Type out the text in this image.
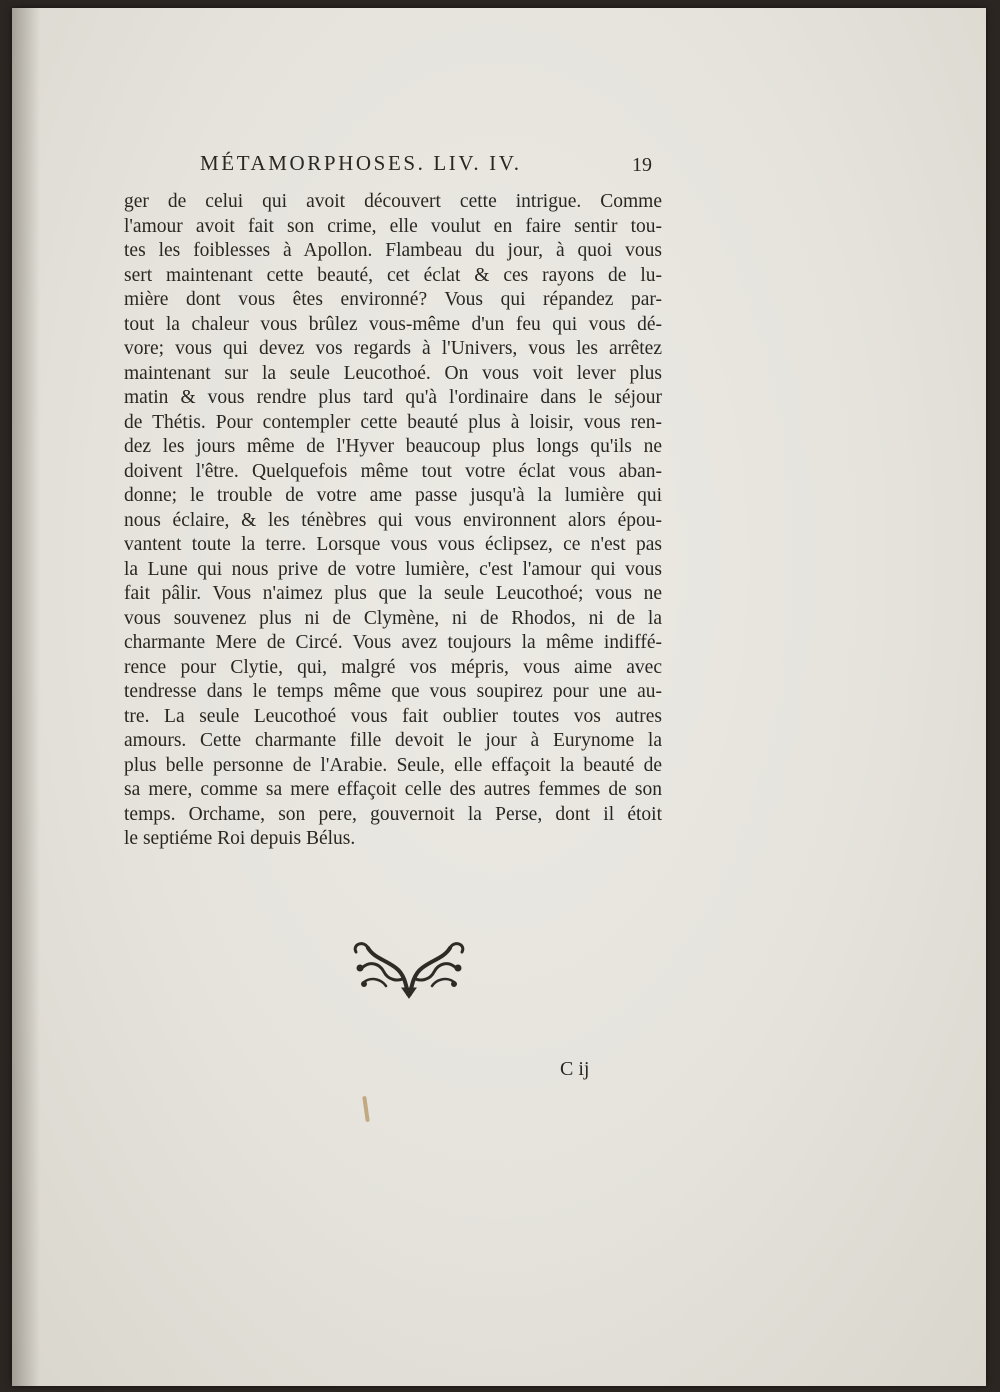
MÉTAMORPHOSES. LIV. IV.	19
ger de celui qui avoit découvert cette intrigue. Comme
l'amour avoit fait son crime, elle voulut en faire sentir tou-
tes les foiblesses à Apollon. Flambeau du jour, à quoi vous
sert maintenant cette beauté, cet éclat & ces rayons de lu-
mière dont vous êtes environné? Vous qui répandez par-
tout la chaleur vous brûlez vous-même d'un feu qui vous dé-
vore; vous qui devez vos regards à l'Univers, vous les arrêtez
maintenant sur la seule Leucothoé. On vous voit lever plus
matin & vous rendre plus tard qu'à l'ordinaire dans le séjour
de Thétis. Pour contempler cette beauté plus à loisir, vous ren-
dez les jours même de l'Hyver beaucoup plus longs qu'ils ne
doivent l'être. Quelquefois même tout votre éclat vous aban-
donne; le trouble de votre ame passe jusqu'à la lumière qui
nous éclaire, & les ténèbres qui vous environnent alors épou-
vantent toute la terre. Lorsque vous vous éclipsez, ce n'est pas
la Lune qui nous prive de votre lumière, c'est l'amour qui vous
fait pâlir. Vous n'aimez plus que la seule Leucothoé; vous ne
vous souvenez plus ni de Clymène, ni de Rhodos, ni de la
charmante Mere de Circé. Vous avez toujours la même indiffé-
rence pour Clytie, qui, malgré vos mépris, vous aime avec
tendresse dans le temps même que vous soupirez pour une au-
tre. La seule Leucothoé vous fait oublier toutes vos autres
amours. Cette charmante fille devoit le jour à Eurynome la
plus belle personne de l'Arabie. Seule, elle effaçoit la beauté de
sa mere, comme sa mere effaçoit celle des autres femmes de son
temps. Orchame, son pere, gouvernoit la Perse, dont il étoit
le septiéme Roi depuis Bélus.
C ij
